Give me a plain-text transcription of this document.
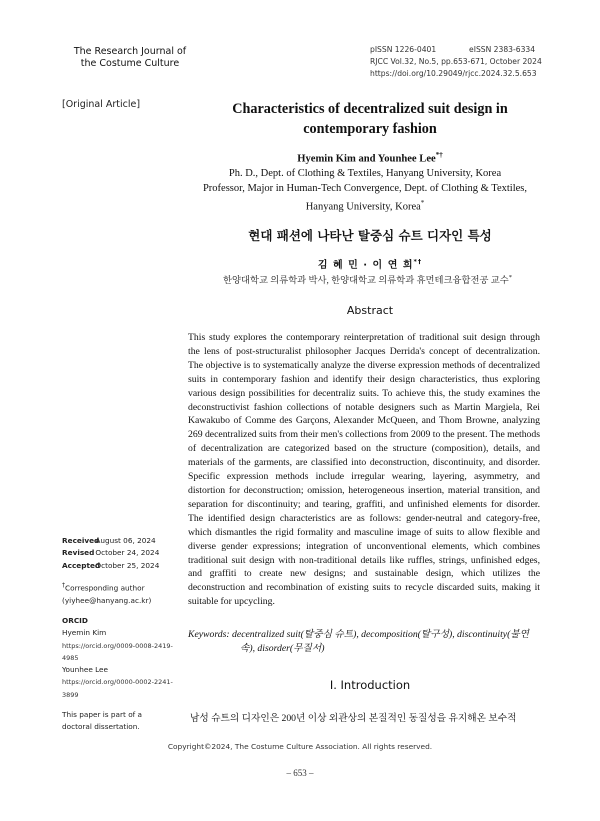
The Research Journal of
the Costume Culture
pISSN 1226-0401	eISSN 2383-6334
RJCC Vol.32, No.5, pp.653-671, October 2024
https://doi.org/10.29049/rjcc.2024.32.5.653
[Original Article]	Characteristics of decentralized suit design in
contemporary fashion
Hyemin Kim and Younhee Lee*†
Ph. D., Dept. of Clothing & Textiles, Hanyang University, Korea
Professor, Major in Human-Tech Convergence, Dept. of Clothing & Textiles,
Hanyang University, Korea*
현대 패션에 나타난 탈중심 슈트 디자인 특성
김 혜 민 · 이 연 희*†
한양대학교 의류학과 박사, 한양대학교 의류학과 휴먼테크융합전공 교수*
Abstract
This study explores the contemporary reinterpretation of traditional suit design through the lens of post-structuralist philosopher Jacques Derrida's concept of decentralization. The objective is to systematically analyze the diverse expression methods of decentralized suits in contemporary fashion and identify their design characteristics, thus exploring various design possibilities for decentraliz suits. To achieve this, the study examines the deconstructivist fashion collections of notable designers such as Martin Margiela, Rei Kawakubo of Comme des Garçons, Alexander McQueen, and Thom Browne, analyzing 269 decentralized suits from their men's collections from 2009 to the present. The methods of decentralization are categorized based on the structure (composition), details, and materials of the garments, are classified into deconstruction, discontinuity, and disorder. Specific expression methods include irregular wearing, layering, asymmetry, and distortion for deconstruction; omission, heterogeneous insertion, material transition, and separation for discontinuity; and tearing, graffiti, and unfinished elements for disorder. The identified design characteristics are as follows: gender-neutral and category-free, which dismantles the rigid formality and masculine image of suits to allow flexible and diverse gender expressions; integration of unconventional elements, which combines traditional suit design with non-traditional details like ruffles, strings, unfinished edges, and graffiti to create new designs; and sustainable design, which utilizes the deconstruction and recombination of existing suits to recycle discarded suits, making it suitable for upcycling.
Keywords: decentralized suit(탈중심 슈트), decomposition(탈구성), discontinuity(불연속), disorder(무질서)
Received August 06, 2024
Revised October 24, 2024
Accepted October 25, 2024
†Corresponding author
(yiyhee@hanyang.ac.kr)
ORCID
Hyemin Kim
https://orcid.org/0009-0008-2419-4985
Younhee Lee
https://orcid.org/0000-0002-2241-3899
This paper is part of a
doctoral dissertation.
I. Introduction
남성 슈트의 디자인은 200년 이상 외관상의 본질적인 동질성을 유지해온 보수적
Copyright©2024, The Costume Culture Association. All rights reserved.
– 653 –
